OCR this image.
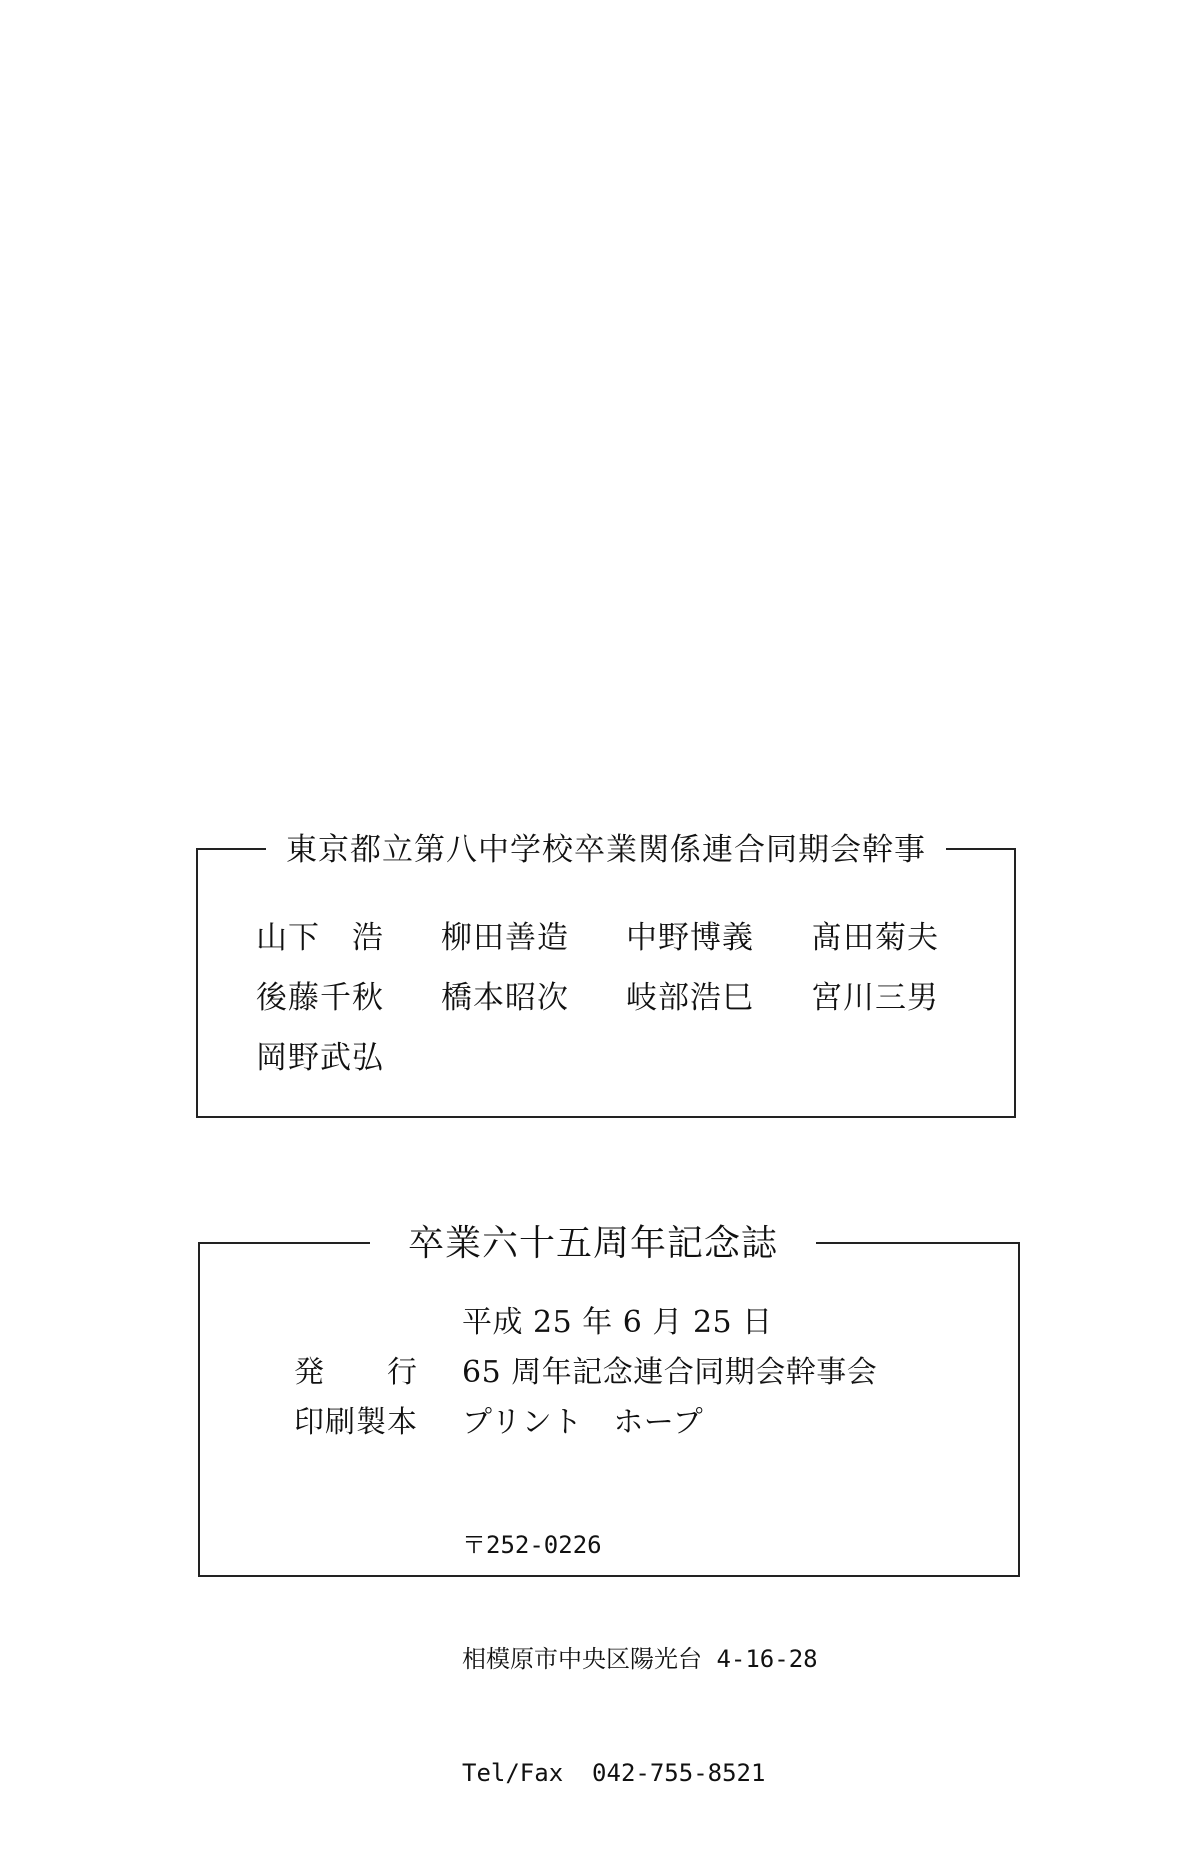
東京都立第八中学校卒業関係連合同期会幹事
山下　浩	柳田善造	中野博義	髙田菊夫
後藤千秋	橋本昭次	岐部浩巳	宮川三男
岡野武弘
卒業六十五周年記念誌
平成 25 年 6 月 25 日
発　　行	65 周年記念連合同期会幹事会
印刷製本	プリント　ホープ

〒252-0226

相模原市中央区陽光台 4-16-28

Tel/Fax  042-755-8521
